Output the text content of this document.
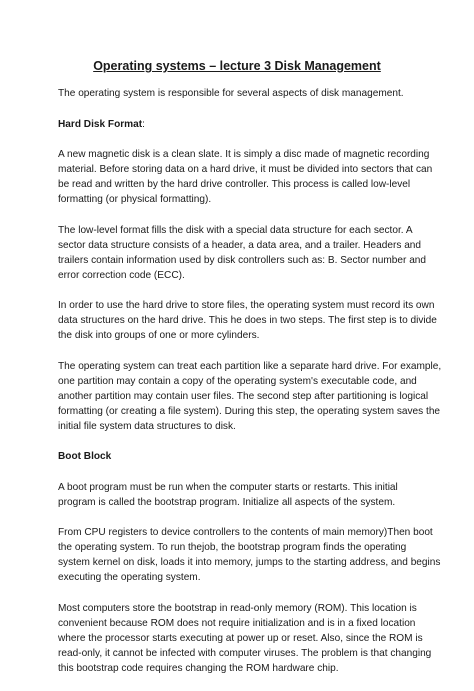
Operating systems – lecture 3 Disk Management

The operating system is responsible for several aspects of disk management.

Hard Disk Format:

A new magnetic disk is a clean slate. It is simply a disc made of magnetic recording
material. Before storing data on a hard drive, it must be divided into sectors that can
be read and written by the hard drive controller. This process is called low-level
formatting (or physical formatting).

The low-level format fills the disk with a special data structure for each sector. A
sector data structure consists of a header, a data area, and a trailer. Headers and
trailers contain information used by disk controllers such as: B. Sector number and
error correction code (ECC).

In order to use the hard drive to store files, the operating system must record its own
data structures on the hard drive. This he does in two steps. The first step is to divide
the disk into groups of one or more cylinders.

The operating system can treat each partition like a separate hard drive. For example,
one partition may contain a copy of the operating system's executable code, and
another partition may contain user files. The second step after partitioning is logical
formatting (or creating a file system). During this step, the operating system saves the
initial file system data structures to disk.

Boot Block

A boot program must be run when the computer starts or restarts. This initial
program is called the bootstrap program. Initialize all aspects of the system.

From CPU registers to device controllers to the contents of main memory)Then boot
the operating system. To run thejob, the bootstrap program finds the operating
system kernel on disk, loads it into memory, jumps to the starting address, and begins
executing the operating system.

Most computers store the bootstrap in read-only memory (ROM). This location is
convenient because ROM does not require initialization and is in a fixed location
where the processor starts executing at power up or reset. Also, since the ROM is
read-only, it cannot be infected with computer viruses. The problem is that changing
this bootstrap code requires changing the ROM hardware chip.
